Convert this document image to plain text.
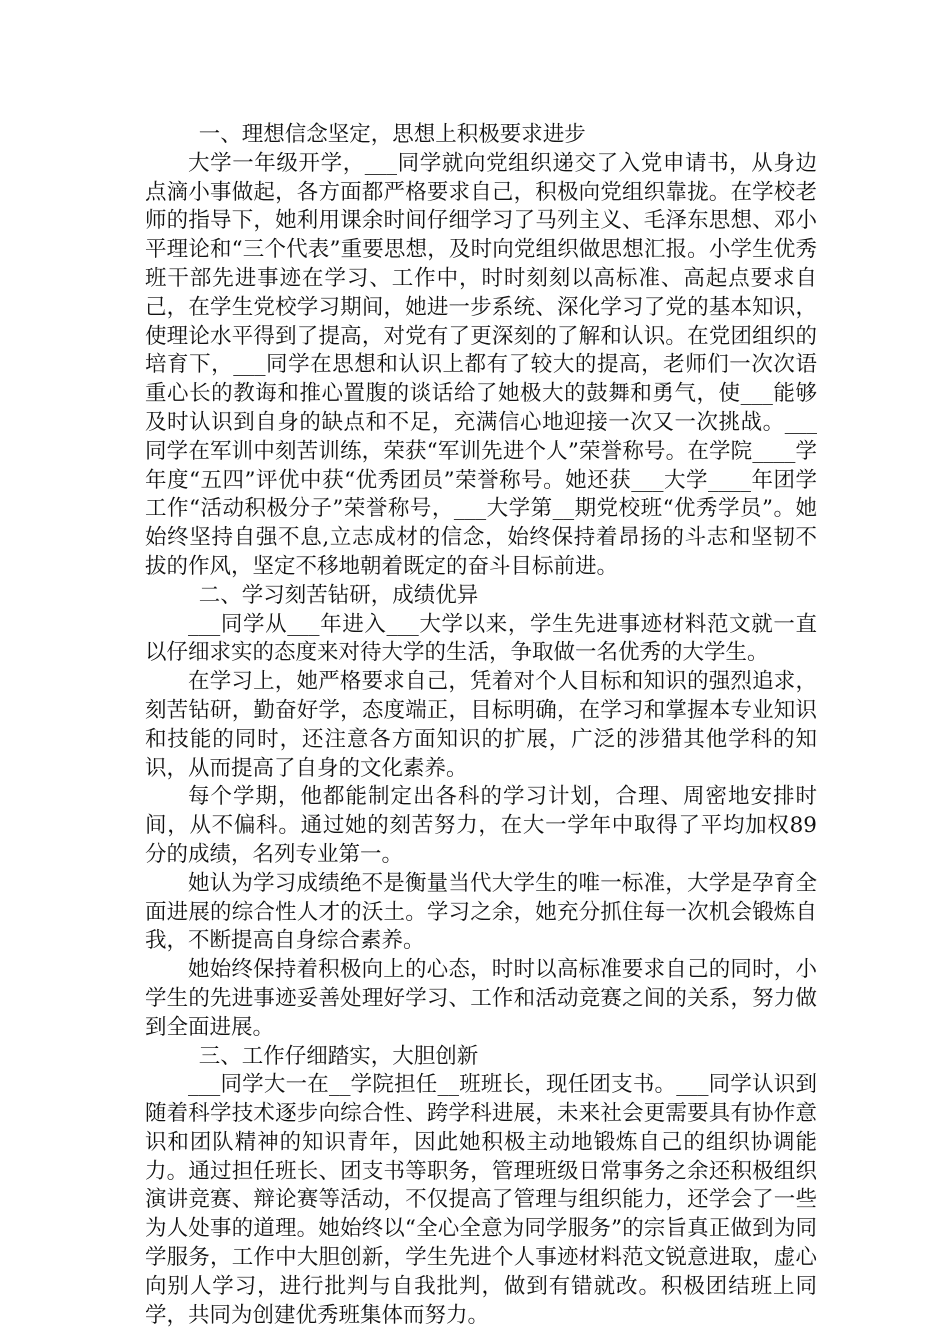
一、理想信念坚定，思想上积极要求进步

大学一年级开学，___同学就向党组织递交了入党申请书，从身边点滴小事做起，各方面都严格要求自己，积极向党组织靠拢。在学校老师的指导下，她利用课余时间仔细学习了马列主义、毛泽东思想、邓小平理论和“三个代表”重要思想，及时向党组织做思想汇报。小学生优秀班干部先进事迹在学习、工作中，时时刻刻以高标准、高起点要求自己，在学生党校学习期间，她进一步系统、深化学习了党的基本知识，使理论水平得到了提高，对党有了更深刻的了解和认识。在党团组织的培育下，___同学在思想和认识上都有了较大的提高，老师们一次次语重心长的教诲和推心置腹的谈话给了她极大的鼓舞和勇气，使___能够及时认识到自身的缺点和不足，充满信心地迎接一次又一次挑战。___同学在军训中刻苦训练，荣获“军训先进个人”荣誉称号。在学院____学年度“五四”评优中获“优秀团员”荣誉称号。她还获___大学____年团学工作“活动积极分子”荣誉称号，___大学第__期党校班“优秀学员”。她始终坚持自强不息,立志成材的信念，始终保持着昂扬的斗志和坚韧不拔的作风，坚定不移地朝着既定的奋斗目标前进。

二、学习刻苦钻研，成绩优异

___同学从___年进入___大学以来，学生先进事迹材料范文就一直以仔细求实的态度来对待大学的生活，争取做一名优秀的大学生。

在学习上，她严格要求自己，凭着对个人目标和知识的强烈追求，刻苦钻研，勤奋好学，态度端正，目标明确，在学习和掌握本专业知识和技能的同时，还注意各方面知识的扩展，广泛的涉猎其他学科的知识，从而提高了自身的文化素养。

每个学期，他都能制定出各科的学习计划，合理、周密地安排时间，从不偏科。通过她的刻苦努力，在大一学年中取得了平均加权89分的成绩，名列专业第一。

她认为学习成绩绝不是衡量当代大学生的唯一标准，大学是孕育全面进展的综合性人才的沃土。学习之余，她充分抓住每一次机会锻炼自我，不断提高自身综合素养。

她始终保持着积极向上的心态，时时以高标准要求自己的同时，小学生的先进事迹妥善处理好学习、工作和活动竞赛之间的关系，努力做到全面进展。

三、工作仔细踏实，大胆创新

___同学大一在__学院担任__班班长，现任团支书。___同学认识到随着科学技术逐步向综合性、跨学科进展，未来社会更需要具有协作意识和团队精神的知识青年，因此她积极主动地锻炼自己的组织协调能力。通过担任班长、团支书等职务，管理班级日常事务之余还积极组织演讲竞赛、辩论赛等活动，不仅提高了管理与组织能力，还学会了一些为人处事的道理。她始终以“全心全意为同学服务”的宗旨真正做到为同学服务，工作中大胆创新，学生先进个人事迹材料范文锐意进取，虚心向别人学习，进行批判与自我批判，做到有错就改。积极团结班上同学，共同为创建优秀班集体而努力。
